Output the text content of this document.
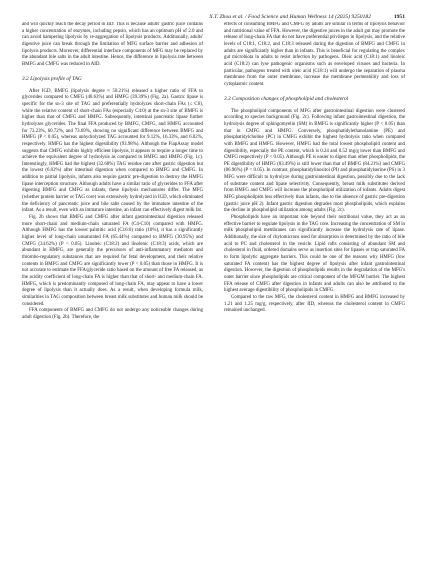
X.T. Zhou et al. / Food Science and Human Wellness 14 (2025) 9250182	1951

and will quickly reach the decay period in IID. This is because adults' gastric juice contains a higher concentration of enzymes, including pepsin, which has an optimum pH of 2.0 and can avoid hampering lipolysis by re-aggregation of lipolysis products. Additionally, adults' digestive juice can break through the limitation of MFG surface barrier and adhesion of lipolysis products. Moreover, differential interface components of MFG may be replaced by the abundant bile salts in the adult intestine. Hence, the difference in lipolysis rate between BMFG and CMFG was reduced in AID.

3.2 Lipolysis profile of TAG

After IGD, BMFG (lipolysis degree ≈ 50.21%) released a higher ratio of FFA to glycerides compared to CMFG (40.63%) and HMFG (39.39%) (Fig. 2a). Gastric lipase is specific for the sn-3 site of TAG and preferentially hydrolyzes short-chain FAs (≤ C6), while the relative content of short-chain FAs (especially C4:0) at the sn-3 site of BMFG is higher than that of CMFG and HMFG. Subsequently, intestinal pancreatic lipase further hydrolyzes glycerides. The final FFA produced by BMFG, CMFG, and HMFG accounted for 73.23%, 60.72%, and 73.69%, showing no significant difference between BMFG and HMFG (P < 0.05), whereas unhydrolyzed TAG accounted for 9.12%, 16.33%, and 6.02%, respectively. HMFG has the highest digestibility (93.98%). Although the FiapAssay model suggests that CMFG exhibits highly efficient lipolysis, it appears to require a longer time to achieve the equivalent degree of hydrolysis as compared to BMFG and HMFG (Fig. 1c). Interestingly, HMFG had the highest (32.68%) TAG residue rate after gastric digestion but the lowest (6.02%) after intestinal digestion when compared to BMFG and CMFG. In addition to partial lipolysis, infants also require gastric pre-digestion to destroy the HMFG lipase interception structure. Although adults have a similar ratio of glycerides to FFA after digesting BMFG and CMFG as infants, these lipolysis mechanisms differ. The MFG (whether protein barrier or TAG core) was extensively hydrolyzed in IGD, which eliminated the deficiency of pancreatic juice and bile salts caused by the immature intestine of the infant. As a result, even with an immature intestine, an infant can effectively digest milk fat.

Fig. 2b shows that BMFG and CMFG after infant gastrointestinal digestion released more short-chain and medium-chain saturated FA (C4-C10) compared with HMFG. Although HMFG has the lowest palmitic acid (C16:0) ratio (10%), it has a significantly higher level of long-chain unsaturated FA (65.44%) compared to BMFG (30.95%) and CMFG (34.62%) (P < 0.05). Linoleic (C18:2) and linolenic (C18:3) acids, which are abundant in HMFG, are generally the precursors of anti-inflammatory mediators and thrombo-regulatory substances that are required for fetal development, and their relative contents in BMFG and CMFG are significantly lower (P < 0.05) than those in HMFG. It is not accurate to estimate the FFA/glyceride ratio based on the amount of free FA released, as the acidity coefficient of long-chain FA is higher than that of short- and medium-chain FA. HMFG, which is predominantly composed of long-chain FA, may appear to have a lower degree of lipolysis than it actually does. As a result, when developing formula milk, similarities in TAG composition between breast milk substitutes and human milk should be considered.

FFA components of BMFG and CMFG do not undergo any noticeable changes during adult digestion (Fig. 2b). Therefore, the

effects of consuming BMFG and CMFG by adults are similar in terms of lipolysis behavior and nutritional value of FFA. However, the digestive juices in the adult gut may promote the release of long-chain FA that do not have preferential privileges in lipolysis, and the relative levels of C18:1, C18:2, and C18:3 released during the digestion of BMFG and CMFG in adults are significantly higher than in infants. This is beneficial for regulating the complex gut microbiota in adults to resist infection by pathogens. Oleic acid (C18:1) and linoleic acid (C18:2) can lyse pathogenic organisms such as enveloped viruses and bacteria. In particular, pathogens treated with oleic acid (C18:1) will undergo the separation of plasma membrane from the outer membrane, increase the membrane permeability and loss of cytoplasmic content.

3.3 Composition changes of phospholipid and cholesterol

The phospholipid components of MFG after gastrointestinal digestion were clustered according to species background (Fig. 2c). Following infant gastrointestinal digestion, the hydrolysis degree of sphingomyelin (SM) in BMFG is significantly higher (P < 0.05) than that in CMFG and HMFG. Conversely, phosphatidylethanolamine (PE) and phosphatidylcholine (PC) in CMFG exhibit the highest hydrolysis ratio when compared with BMFG and HMFG. However, HMFG had the total lowest phospholipid content and digestibility, especially the PE content, which is 0.24 and 0.52 mg/g lower than BMFG and CMFG respectively (P < 0.05). Although PE is easier to digest than other phospholipids, the PE digestibility of HMFG (83.49%) is still lower than that of BMFG (84.21%) and CMFG (86.96%) (P < 0.05). In contrast, phosphatidylinositol (PI) and phosphatidylserine (PS) in 3 MFG were difficult to hydrolyze during gastrointestinal digestion, possibly due to the lack of substrate content and lipase selectivity. Consequently, breast milk substitutes derived from BMFG and CMFG will increase the phospholipid utilization of infants. Adults digest MFG phospholipids less effectively than infants, due to the absence of gastric pre-digestion (gastric juice pH 2). Infant gastric digestion degrades most phospholipids, which explains the decline in phospholipid utilization among adults (Fig. 2c).

Phospholipids have an important role beyond their nutritional value, they act as an effective barrier to regulate lipolysis in the TAG core. Increasing the concentration of SM in milk phospholipid membranes can significantly increase the hydrolysis rate of lipase. Additionally, the size of chylomicrons used for absorption is determined by the ratio of bile acid to PC and cholesterol in the vesicle. Lipid rafts consisting of abundant SM and cholesterol in fluid, ordered domains serve as insertion sites for lipases or trap saturated FA to form lipolytic aggregate barriers. This could be one of the reasons why HMFG (low saturated FA content) has the highest degree of lipolysis after infant gastrointestinal digestion. However, the digestion of phospholipids results in the degradation of the MFG's outer barrier since phospholipids are critical component of the MFGM barrier. The highest FFA release of CMFG after digestion in infants and adults can also be attributed to the highest average digestibility of phospholipids in CMFG.

Compared to the raw MFG, the cholesterol content in HMFG and BMFG increased by 1.21 and 1.25 mg/g, respectively, after IID, whereas the cholesterol content in CMFG remained unchanged.
